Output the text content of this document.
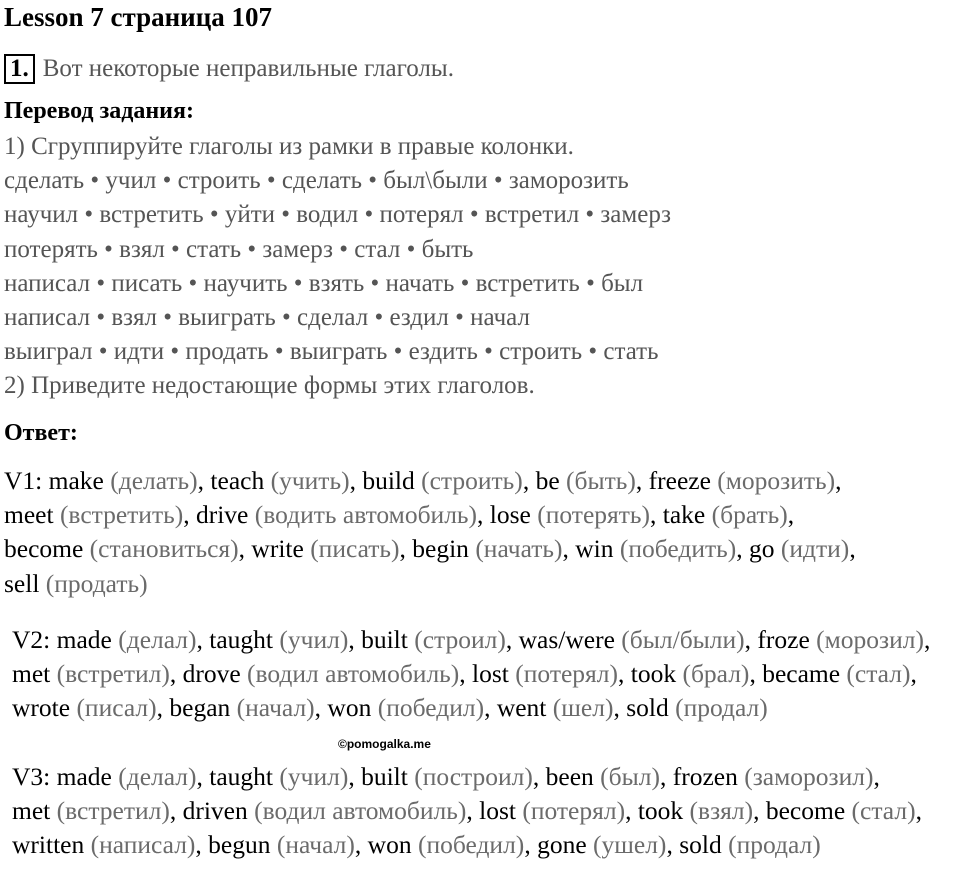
Lesson 7 страница 107
1. Вот некоторые неправильные глаголы.
Перевод задания:
1) Сгруппируйте глаголы из рамки в правые колонки.
сделать • учил • строить • сделать • был\были • заморозить
научил • встретить • уйти • водил • потерял • встретил • замерз
потерять • взял • стать • замерз • стал • быть
написал • писать • научить • взять • начать • встретить • был
написал • взял • выиграть • сделал • ездил • начал
выиграл • идти • продать • выиграть • ездить • строить • стать
2) Приведите недостающие формы этих глаголов.
Ответ:
V1: make (делать), teach (учить), build (строить), be (быть), freeze (морозить), meet (встретить), drive (водить автомобиль), lose (потерять), take (брать), become (становиться), write (писать), begin (начать), win (победить), go (идти), sell (продать)
V2: made (делал), taught (учил), built (строил), was/were (был/были), froze (морозил), met (встретил), drove (водил автомобиль), lost (потерял), took (брал), became (стал), wrote (писал), began (начал), won (победил), went (шел), sold (продал)
V3: made (делал), taught (учил), built (построил), been (был), frozen (заморозил), met (встретил), driven (водил автомобиль), lost (потерял), took (взял), become (стал), written (написал), begun (начал), won (победил), gone (ушел), sold (продал)
©pomogalka.me
